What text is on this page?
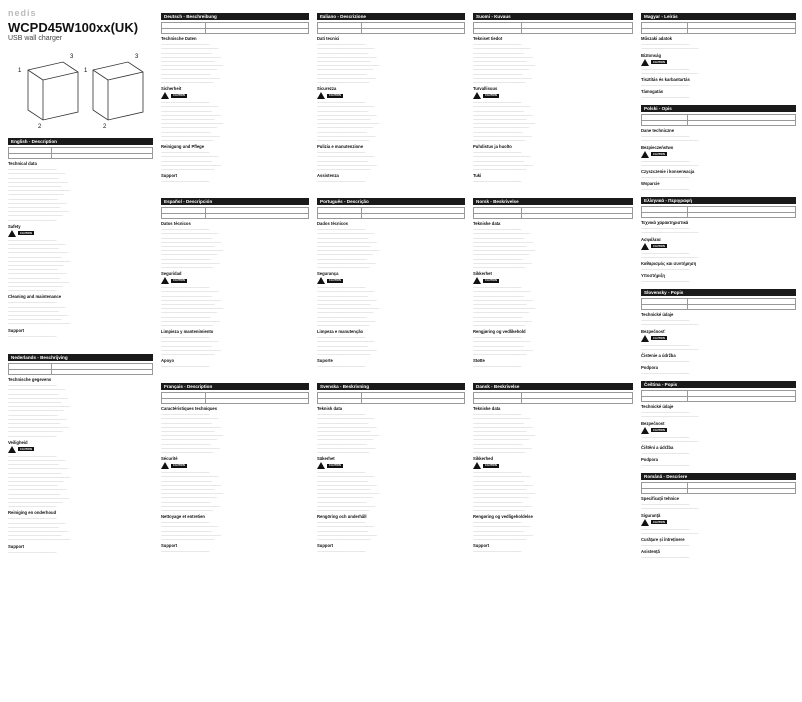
nedis
WCPD45W100xx(UK)
USB wall charger
1
2
3
1
2
3
English - Description

Technical data

──────────────────────────────────────

─────────────────────────────────────────────

────────────────────────────────────────

───────────────────────────────────────────────

──────────────────────────────────────────

─────────────────────────────────────────────────

────────────────────────────────────────────

───────────────────────────────────────

──────────────────────────────────────────────

─────────────────────────────────────────

────────────────────────────────────────────────

───────────────────────────────────────────

──────────────────────────────────────

Safety
CAUTION

──────────────────────────────────────

─────────────────────────────────────────────

────────────────────────────────────────

───────────────────────────────────────────────

──────────────────────────────────────────

─────────────────────────────────────────────────

────────────────────────────────────────────

───────────────────────────────────────

──────────────────────────────────────────────

─────────────────────────────────────────

────────────────────────────────────────────────

───────────────────────────────────────────

──────────────────────────────────────

Cleaning and maintenance

──────────────────────────────────────

─────────────────────────────────────────────

────────────────────────────────────────

───────────────────────────────────────────────

──────────────────────────────────────────

─────────────────────────────────────────────────

Support

──────────────────────────────────────

Nederlands - Beschrijving

Technische gegevens

──────────────────────────────────────

─────────────────────────────────────────────

────────────────────────────────────────

───────────────────────────────────────────────

──────────────────────────────────────────

─────────────────────────────────────────────────

────────────────────────────────────────────

───────────────────────────────────────

──────────────────────────────────────────────

─────────────────────────────────────────

────────────────────────────────────────────────

───────────────────────────────────────────

──────────────────────────────────────

Veiligheid
CAUTION

──────────────────────────────────────

─────────────────────────────────────────────

────────────────────────────────────────

───────────────────────────────────────────────

──────────────────────────────────────────

─────────────────────────────────────────────────

────────────────────────────────────────────

───────────────────────────────────────

──────────────────────────────────────────────

─────────────────────────────────────────

────────────────────────────────────────────────

───────────────────────────────────────────

──────────────────────────────────────

Reiniging en onderhoud

──────────────────────────────────────

─────────────────────────────────────────────

────────────────────────────────────────

───────────────────────────────────────────────

──────────────────────────────────────────

─────────────────────────────────────────────────

Support

──────────────────────────────────────

Deutsch - Beschreibung

Technische Daten

──────────────────────────────────────

─────────────────────────────────────────────

────────────────────────────────────────

───────────────────────────────────────────────

──────────────────────────────────────────

─────────────────────────────────────────────────

────────────────────────────────────────────

───────────────────────────────────────

──────────────────────────────────────────────

─────────────────────────────────────────

Sicherheit
CAUTION

──────────────────────────────────────

─────────────────────────────────────────────

────────────────────────────────────────

───────────────────────────────────────────────

──────────────────────────────────────────

─────────────────────────────────────────────────

────────────────────────────────────────────

───────────────────────────────────────

──────────────────────────────────────────────

─────────────────────────────────────────

Reinigung und Pflege

──────────────────────────────────────

─────────────────────────────────────────────

────────────────────────────────────────

───────────────────────────────────────────────

──────────────────────────────────────────

Support

──────────────────────────────────────

Español - Descripción

Datos técnicos

──────────────────────────────────────

─────────────────────────────────────────────

────────────────────────────────────────

───────────────────────────────────────────────

──────────────────────────────────────────

─────────────────────────────────────────────────

────────────────────────────────────────────

───────────────────────────────────────

──────────────────────────────────────────────

─────────────────────────────────────────

Seguridad
CAUTION

──────────────────────────────────────

─────────────────────────────────────────────

────────────────────────────────────────

───────────────────────────────────────────────

──────────────────────────────────────────

─────────────────────────────────────────────────

────────────────────────────────────────────

───────────────────────────────────────

──────────────────────────────────────────────

─────────────────────────────────────────

Limpieza y mantenimiento

──────────────────────────────────────

─────────────────────────────────────────────

────────────────────────────────────────

───────────────────────────────────────────────

──────────────────────────────────────────

Apoyo

──────────────────────────────────────

Français - Description

Caractéristiques techniques

──────────────────────────────────────

─────────────────────────────────────────────

────────────────────────────────────────

───────────────────────────────────────────────

──────────────────────────────────────────

─────────────────────────────────────────────────

────────────────────────────────────────────

───────────────────────────────────────

──────────────────────────────────────────────

─────────────────────────────────────────

Sécurité
CAUTION

──────────────────────────────────────

─────────────────────────────────────────────

────────────────────────────────────────

───────────────────────────────────────────────

──────────────────────────────────────────

─────────────────────────────────────────────────

────────────────────────────────────────────

───────────────────────────────────────

──────────────────────────────────────────────

─────────────────────────────────────────

Nettoyage et entretien

──────────────────────────────────────

─────────────────────────────────────────────

────────────────────────────────────────

───────────────────────────────────────────────

──────────────────────────────────────────

Support

──────────────────────────────────────

Italiano - Descrizione

Dati tecnici

──────────────────────────────────────

─────────────────────────────────────────────

────────────────────────────────────────

───────────────────────────────────────────────

──────────────────────────────────────────

─────────────────────────────────────────────────

────────────────────────────────────────────

───────────────────────────────────────

──────────────────────────────────────────────

─────────────────────────────────────────

Sicurezza
CAUTION

──────────────────────────────────────

─────────────────────────────────────────────

────────────────────────────────────────

───────────────────────────────────────────────

──────────────────────────────────────────

─────────────────────────────────────────────────

────────────────────────────────────────────

───────────────────────────────────────

──────────────────────────────────────────────

─────────────────────────────────────────

Pulizia e manutenzione

──────────────────────────────────────

─────────────────────────────────────────────

────────────────────────────────────────

───────────────────────────────────────────────

──────────────────────────────────────────

Assistenza

──────────────────────────────────────

Português - Descrição

Dados técnicos

──────────────────────────────────────

─────────────────────────────────────────────

────────────────────────────────────────

───────────────────────────────────────────────

──────────────────────────────────────────

─────────────────────────────────────────────────

────────────────────────────────────────────

───────────────────────────────────────

──────────────────────────────────────────────

─────────────────────────────────────────

Segurança
CAUTION

──────────────────────────────────────

─────────────────────────────────────────────

────────────────────────────────────────

───────────────────────────────────────────────

──────────────────────────────────────────

─────────────────────────────────────────────────

────────────────────────────────────────────

───────────────────────────────────────

──────────────────────────────────────────────

─────────────────────────────────────────

Limpeza e manutenção

──────────────────────────────────────

─────────────────────────────────────────────

────────────────────────────────────────

───────────────────────────────────────────────

──────────────────────────────────────────

Suporte

──────────────────────────────────────

Svenska - Beskrivning

Teknisk data

──────────────────────────────────────

─────────────────────────────────────────────

────────────────────────────────────────

───────────────────────────────────────────────

──────────────────────────────────────────

─────────────────────────────────────────────────

────────────────────────────────────────────

───────────────────────────────────────

──────────────────────────────────────────────

─────────────────────────────────────────

Säkerhet
CAUTION

──────────────────────────────────────

─────────────────────────────────────────────

────────────────────────────────────────

───────────────────────────────────────────────

──────────────────────────────────────────

─────────────────────────────────────────────────

────────────────────────────────────────────

───────────────────────────────────────

──────────────────────────────────────────────

─────────────────────────────────────────

Rengöring och underhåll

──────────────────────────────────────

─────────────────────────────────────────────

────────────────────────────────────────

───────────────────────────────────────────────

──────────────────────────────────────────

Support

──────────────────────────────────────

Suomi - Kuvaus

Tekniset tiedot

──────────────────────────────────────

─────────────────────────────────────────────

────────────────────────────────────────

───────────────────────────────────────────────

──────────────────────────────────────────

─────────────────────────────────────────────────

────────────────────────────────────────────

───────────────────────────────────────

──────────────────────────────────────────────

─────────────────────────────────────────

Turvallisuus
CAUTION

──────────────────────────────────────

─────────────────────────────────────────────

────────────────────────────────────────

───────────────────────────────────────────────

──────────────────────────────────────────

─────────────────────────────────────────────────

────────────────────────────────────────────

───────────────────────────────────────

──────────────────────────────────────────────

─────────────────────────────────────────

Puhdistus ja huolto

──────────────────────────────────────

─────────────────────────────────────────────

────────────────────────────────────────

───────────────────────────────────────────────

──────────────────────────────────────────

Tuki

──────────────────────────────────────

Norsk - Beskrivelse

Tekniske data

──────────────────────────────────────

─────────────────────────────────────────────

────────────────────────────────────────

───────────────────────────────────────────────

──────────────────────────────────────────

─────────────────────────────────────────────────

────────────────────────────────────────────

───────────────────────────────────────

──────────────────────────────────────────────

─────────────────────────────────────────

Sikkerhet
CAUTION

──────────────────────────────────────

─────────────────────────────────────────────

────────────────────────────────────────

───────────────────────────────────────────────

──────────────────────────────────────────

─────────────────────────────────────────────────

────────────────────────────────────────────

───────────────────────────────────────

──────────────────────────────────────────────

─────────────────────────────────────────

Rengjøring og vedlikehold

──────────────────────────────────────

─────────────────────────────────────────────

────────────────────────────────────────

───────────────────────────────────────────────

──────────────────────────────────────────

Støtte

──────────────────────────────────────

Dansk - Beskrivelse

Tekniske data

──────────────────────────────────────

─────────────────────────────────────────────

────────────────────────────────────────

───────────────────────────────────────────────

──────────────────────────────────────────

─────────────────────────────────────────────────

────────────────────────────────────────────

───────────────────────────────────────

──────────────────────────────────────────────

─────────────────────────────────────────

Sikkerhed
CAUTION

──────────────────────────────────────

─────────────────────────────────────────────

────────────────────────────────────────

───────────────────────────────────────────────

──────────────────────────────────────────

─────────────────────────────────────────────────

────────────────────────────────────────────

───────────────────────────────────────

──────────────────────────────────────────────

─────────────────────────────────────────

Rengøring og vedligeholdelse

──────────────────────────────────────

─────────────────────────────────────────────

────────────────────────────────────────

───────────────────────────────────────────────

──────────────────────────────────────────

Support

──────────────────────────────────────

Magyar - Leírás

Műszaki adatok

──────────────────────────────────────

─────────────────────────────────────────────

Biztonság
CAUTION

──────────────────────────────────────

─────────────────────────────────────────────

Tisztítás és karbantartás

──────────────────────────────────────

Támogatás

──────────────────────────────────────

Polski - Opis

Dane techniczne

──────────────────────────────────────

─────────────────────────────────────────────

Bezpieczeństwo
CAUTION

──────────────────────────────────────

─────────────────────────────────────────────

Czyszczenie i konserwacja

──────────────────────────────────────

Wsparcie

──────────────────────────────────────

Ελληνικά - Περιγραφή

Τεχνικά χαρακτηριστικά

──────────────────────────────────────

─────────────────────────────────────────────

Ασφάλεια
CAUTION

──────────────────────────────────────

─────────────────────────────────────────────

Καθαρισμός και συντήρηση

──────────────────────────────────────

Υποστήριξη

──────────────────────────────────────

Slovensky - Popis

Technické údaje

──────────────────────────────────────

─────────────────────────────────────────────

Bezpečnosť
CAUTION

──────────────────────────────────────

─────────────────────────────────────────────

Čistenie a údržba

──────────────────────────────────────

Podpora

──────────────────────────────────────

Čeština - Popis

Technické údaje

──────────────────────────────────────

─────────────────────────────────────────────

Bezpečnost
CAUTION

──────────────────────────────────────

─────────────────────────────────────────────

Čištění a údržba

──────────────────────────────────────

Podpora

──────────────────────────────────────

Română - Descriere

Specificații tehnice

──────────────────────────────────────

─────────────────────────────────────────────

Siguranță
CAUTION

──────────────────────────────────────

─────────────────────────────────────────────

Curățare și întreținere

──────────────────────────────────────

Asistență

──────────────────────────────────────
